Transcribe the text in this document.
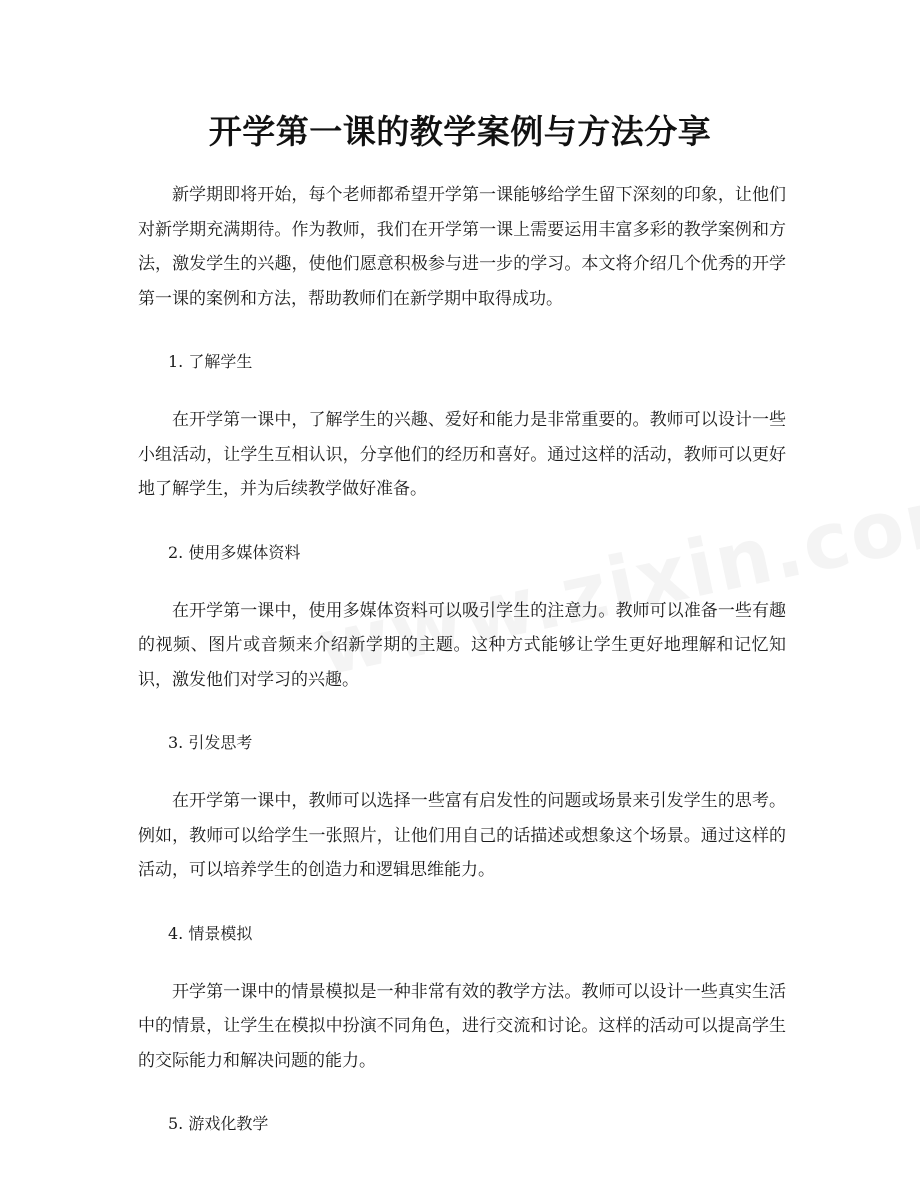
开学第一课的教学案例与方法分享

新学期即将开始，每个老师都希望开学第一课能够给学生留下深刻的印象，让他们对新学期充满期待。作为教师，我们在开学第一课上需要运用丰富多彩的教学案例和方法，激发学生的兴趣，使他们愿意积极参与进一步的学习。本文将介绍几个优秀的开学第一课的案例和方法，帮助教师们在新学期中取得成功。

1. 了解学生

在开学第一课中，了解学生的兴趣、爱好和能力是非常重要的。教师可以设计一些小组活动，让学生互相认识，分享他们的经历和喜好。通过这样的活动，教师可以更好地了解学生，并为后续教学做好准备。

2. 使用多媒体资料

在开学第一课中，使用多媒体资料可以吸引学生的注意力。教师可以准备一些有趣的视频、图片或音频来介绍新学期的主题。这种方式能够让学生更好地理解和记忆知识，激发他们对学习的兴趣。

3. 引发思考

在开学第一课中，教师可以选择一些富有启发性的问题或场景来引发学生的思考。例如，教师可以给学生一张照片，让他们用自己的话描述或想象这个场景。通过这样的活动，可以培养学生的创造力和逻辑思维能力。

4. 情景模拟

开学第一课中的情景模拟是一种非常有效的教学方法。教师可以设计一些真实生活中的情景，让学生在模拟中扮演不同角色，进行交流和讨论。这样的活动可以提高学生的交际能力和解决问题的能力。

5. 游戏化教学
